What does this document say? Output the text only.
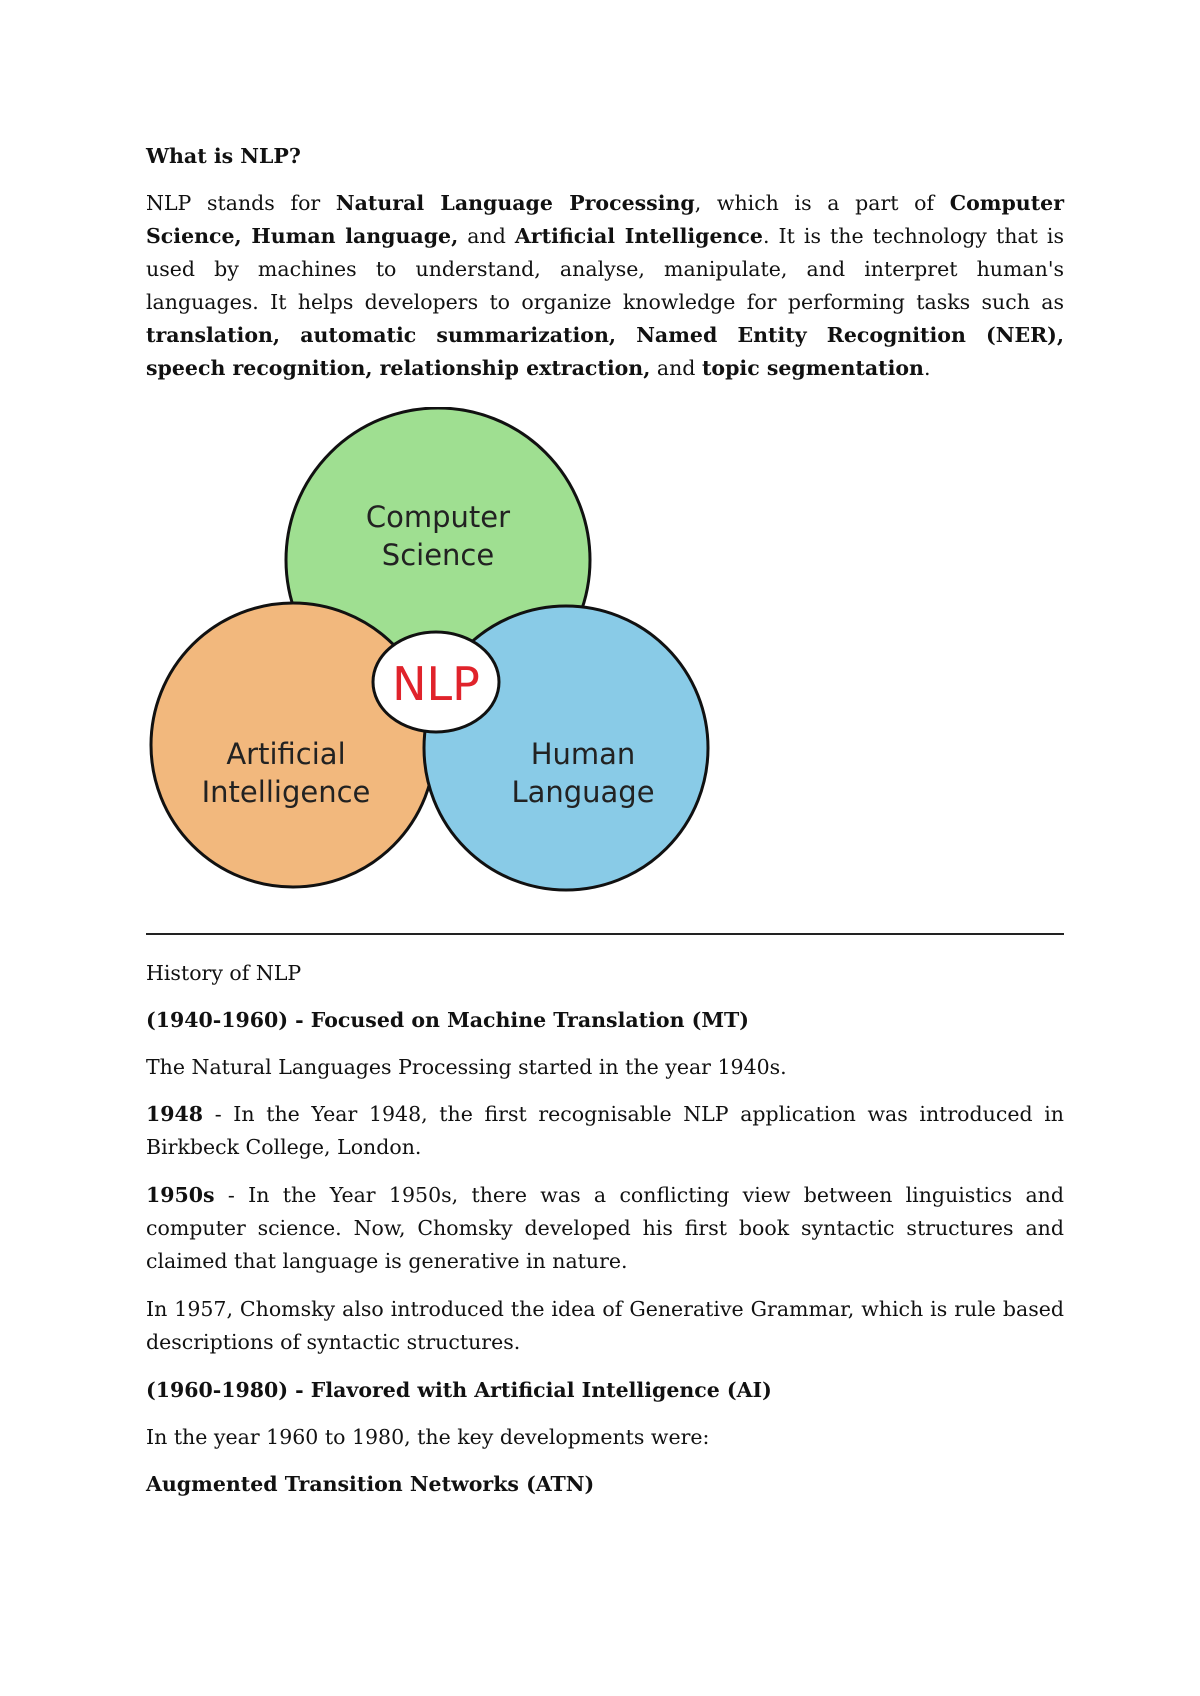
What is NLP?

NLP stands for Natural Language Processing, which is a part of Computer Science, Human language, and Artificial Intelligence. It is the technology that is used by machines to understand, analyse, manipulate, and interpret human's languages. It helps developers to organize knowledge for performing tasks such as translation, automatic summarization, Named Entity Recognition (NER), speech recognition, relationship extraction, and topic segmentation.

Computer
Science
Artificial
Intelligence
Human
Language
NLP
History of NLP
(1940-1960) - Focused on Machine Translation (MT)
The Natural Languages Processing started in the year 1940s.

1948 - In the Year 1948, the first recognisable NLP application was introduced in Birkbeck College, London.

1950s - In the Year 1950s, there was a conflicting view between linguistics and computer science. Now, Chomsky developed his first book syntactic structures and claimed that language is generative in nature.

In 1957, Chomsky also introduced the idea of Generative Grammar, which is rule based descriptions of syntactic structures.

(1960-1980) - Flavored with Artificial Intelligence (AI)
In the year 1960 to 1980, the key developments were:
Augmented Transition Networks (ATN)
